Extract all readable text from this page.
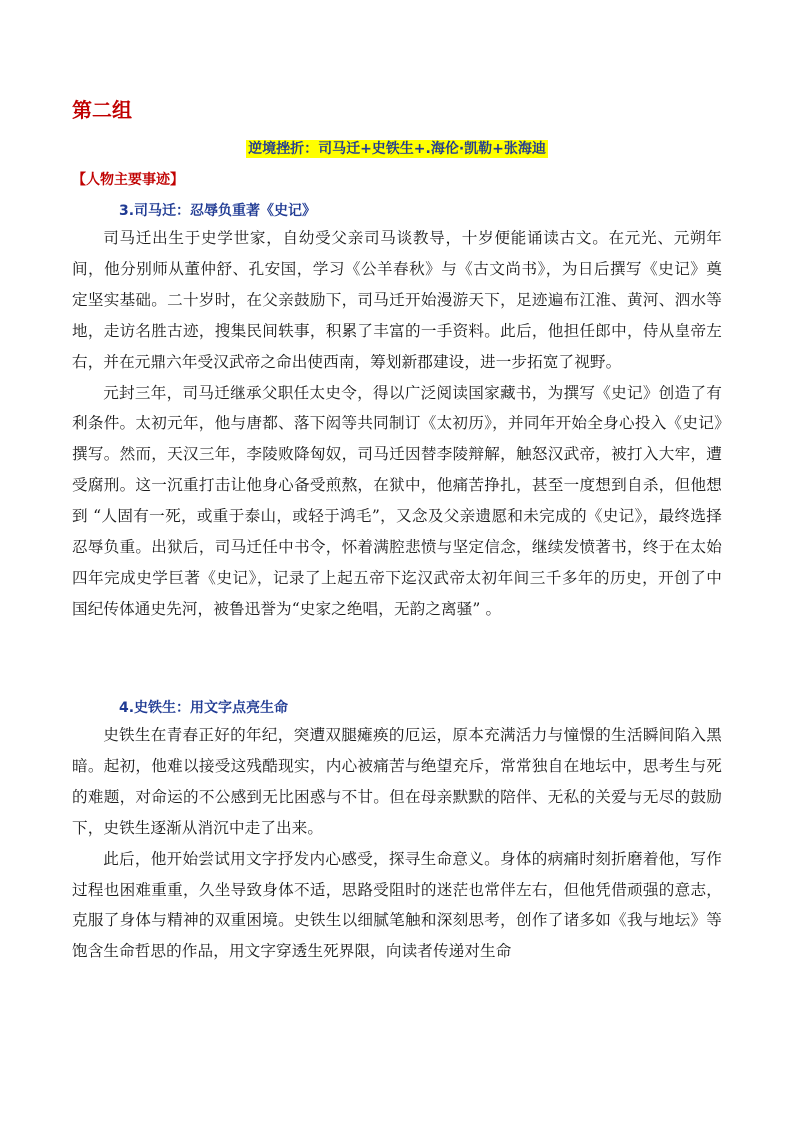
第二组
逆境挫折：司马迁+史铁生+.海伦·凯勒+张海迪

【人物主要事迹】

3.司马迁：忍辱负重著《史记》

司马迁出生于史学世家，自幼受父亲司马谈教导，十岁便能诵读古文。在元光、元朔年间，他分别师从董仲舒、孔安国，学习《公羊春秋》与《古文尚书》，为日后撰写《史记》奠定坚实基础。二十岁时，在父亲鼓励下，司马迁开始漫游天下，足迹遍布江淮、黄河、泗水等地，走访名胜古迹，搜集民间轶事，积累了丰富的一手资料。此后，他担任郎中，侍从皇帝左右，并在元鼎六年受汉武帝之命出使西南，筹划新郡建设，进一步拓宽了视野。

元封三年，司马迁继承父职任太史令，得以广泛阅读国家藏书，为撰写《史记》创造了有利条件。太初元年，他与唐都、落下闳等共同制订《太初历》，并同年开始全身心投入《史记》撰写。然而，天汉三年，李陵败降匈奴，司马迁因替李陵辩解，触怒汉武帝，被打入大牢，遭受腐刑。这一沉重打击让他身心备受煎熬，在狱中，他痛苦挣扎，甚至一度想到自杀，但他想到 “人固有一死，或重于泰山，或轻于鸿毛”，又念及父亲遗愿和未完成的《史记》，最终选择忍辱负重。出狱后，司马迁任中书令，怀着满腔悲愤与坚定信念，继续发愤著书，终于在太始四年完成史学巨著《史记》，记录了上起五帝下迄汉武帝太初年间三千多年的历史，开创了中国纪传体通史先河，被鲁迅誉为“史家之绝唱，无韵之离骚” 。

4.史铁生：用文字点亮生命

史铁生在青春正好的年纪，突遭双腿瘫痪的厄运，原本充满活力与憧憬的生活瞬间陷入黑暗。起初，他难以接受这残酷现实，内心被痛苦与绝望充斥，常常独自在地坛中，思考生与死的难题，对命运的不公感到无比困惑与不甘。但在母亲默默的陪伴、无私的关爱与无尽的鼓励下，史铁生逐渐从消沉中走了出来。

此后，他开始尝试用文字抒发内心感受，探寻生命意义。身体的病痛时刻折磨着他，写作过程也困难重重，久坐导致身体不适，思路受阻时的迷茫也常伴左右，但他凭借顽强的意志，克服了身体与精神的双重困境。史铁生以细腻笔触和深刻思考，创作了诸多如《我与地坛》等饱含生命哲思的作品，用文字穿透生死界限，向读者传递对生命
